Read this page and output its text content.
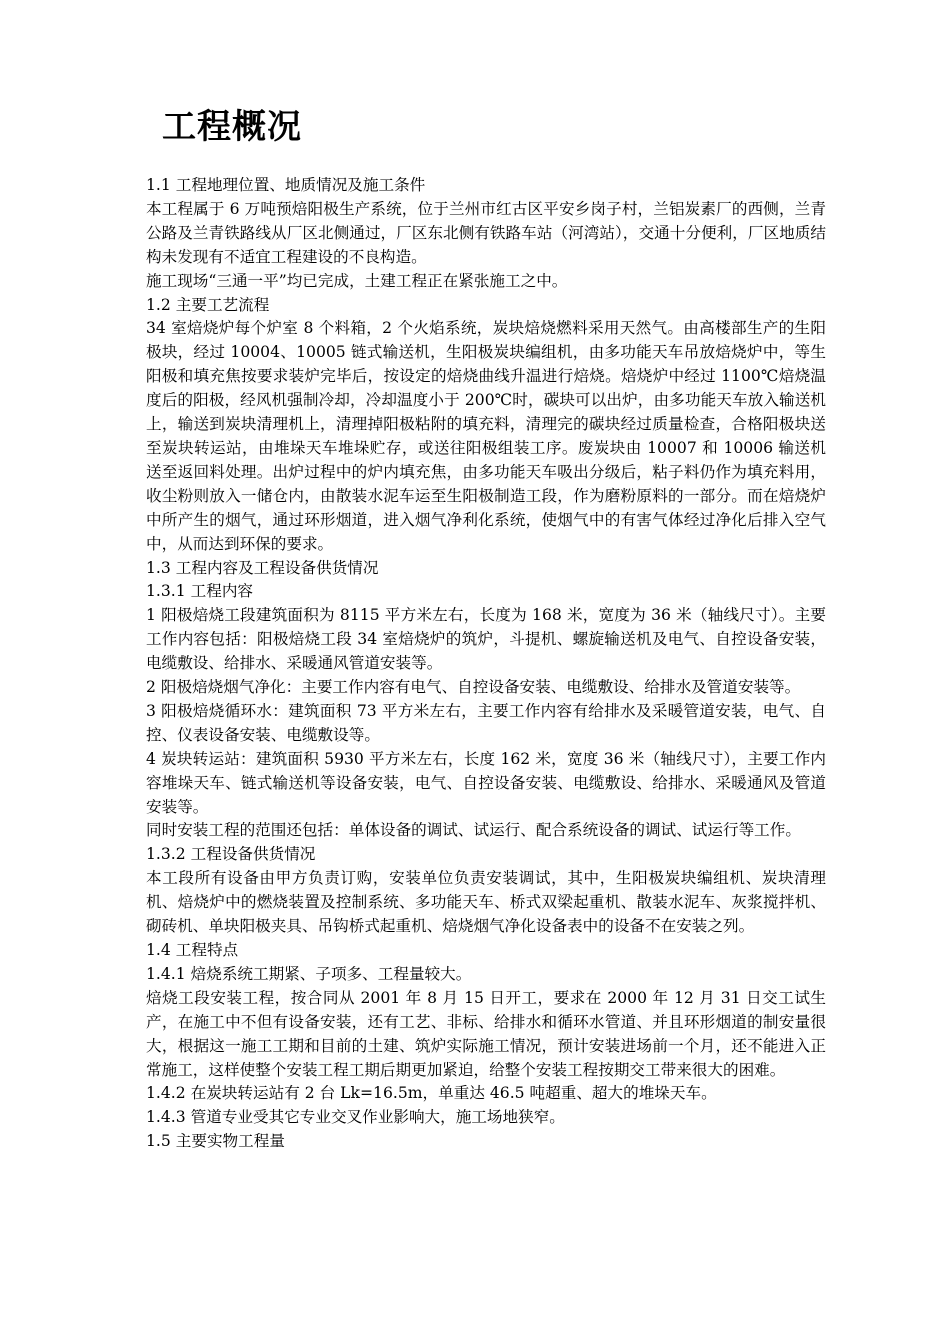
工程概况

1.1 工程地理位置、地质情况及施工条件

本工程属于 6 万吨预焙阳极生产系统，位于兰州市红古区平安乡岗子村，兰铝炭素厂的西侧，兰青公路及兰青铁路线从厂区北侧通过，厂区东北侧有铁路车站（河湾站），交通十分便利，厂区地质结构未发现有不适宜工程建设的不良构造。

施工现场“三通一平”均已完成，土建工程正在紧张施工之中。

1.2 主要工艺流程

34 室焙烧炉每个炉室 8 个料箱，2 个火焰系统，炭块焙烧燃料采用天然气。由高楼部生产的生阳极块，经过 10004、10005 链式输送机，生阳极炭块编组机，由多功能天车吊放焙烧炉中，等生阳极和填充焦按要求装炉完毕后，按设定的焙烧曲线升温进行焙烧。焙烧炉中经过 1100℃焙烧温度后的阳极，经风机强制冷却，冷却温度小于 200℃时，碳块可以出炉，由多功能天车放入输送机上，输送到炭块清理机上，清理掉阳极粘附的填充料，清理完的碳块经过质量检查，合格阳极块送至炭块转运站，由堆垛天车堆垛贮存，或送往阳极组装工序。废炭块由 10007 和 10006 输送机送至返回料处理。出炉过程中的炉内填充焦，由多功能天车吸出分级后，粘子料仍作为填充料用，收尘粉则放入一储仓内，由散装水泥车运至生阳极制造工段，作为磨粉原料的一部分。而在焙烧炉中所产生的烟气，通过环形烟道，进入烟气净利化系统，使烟气中的有害气体经过净化后排入空气中，从而达到环保的要求。

1.3 工程内容及工程设备供货情况

1.3.1 工程内容

1 阳极焙烧工段建筑面积为 8115 平方米左右，长度为 168 米，宽度为 36 米（轴线尺寸）。主要工作内容包括：阳极焙烧工段 34 室焙烧炉的筑炉，斗提机、螺旋输送机及电气、自控设备安装，电缆敷设、给排水、采暖通风管道安装等。

2 阳极焙烧烟气净化：主要工作内容有电气、自控设备安装、电缆敷设、给排水及管道安装等。

3 阳极焙烧循环水：建筑面积 73 平方米左右，主要工作内容有给排水及采暖管道安装，电气、自控、仪表设备安装、电缆敷设等。

4 炭块转运站：建筑面积 5930 平方米左右，长度 162 米，宽度 36 米（轴线尺寸），主要工作内容堆垛天车、链式输送机等设备安装，电气、自控设备安装、电缆敷设、给排水、采暖通风及管道安装等。

同时安装工程的范围还包括：单体设备的调试、试运行、配合系统设备的调试、试运行等工作。

1.3.2 工程设备供货情况

本工段所有设备由甲方负责订购，安装单位负责安装调试，其中，生阳极炭块编组机、炭块清理机、焙烧炉中的燃烧装置及控制系统、多功能天车、桥式双梁起重机、散装水泥车、灰浆搅拌机、砌砖机、单块阳极夹具、吊钩桥式起重机、焙烧烟气净化设备表中的设备不在安装之列。

1.4 工程特点

1.4.1 焙烧系统工期紧、子项多、工程量较大。

焙烧工段安装工程，按合同从 2001 年 8 月 15 日开工，要求在 2000 年 12 月 31 日交工试生产，在施工中不但有设备安装，还有工艺、非标、给排水和循环水管道、并且环形烟道的制安量很大，根据这一施工工期和目前的土建、筑炉实际施工情况，预计安装进场前一个月，还不能进入正常施工，这样使整个安装工程工期后期更加紧迫，给整个安装工程按期交工带来很大的困难。

1.4.2 在炭块转运站有 2 台 Lk=16.5m，单重达 46.5 吨超重、超大的堆垛天车。

1.4.3 管道专业受其它专业交叉作业影响大，施工场地狭窄。

1.5 主要实物工程量
